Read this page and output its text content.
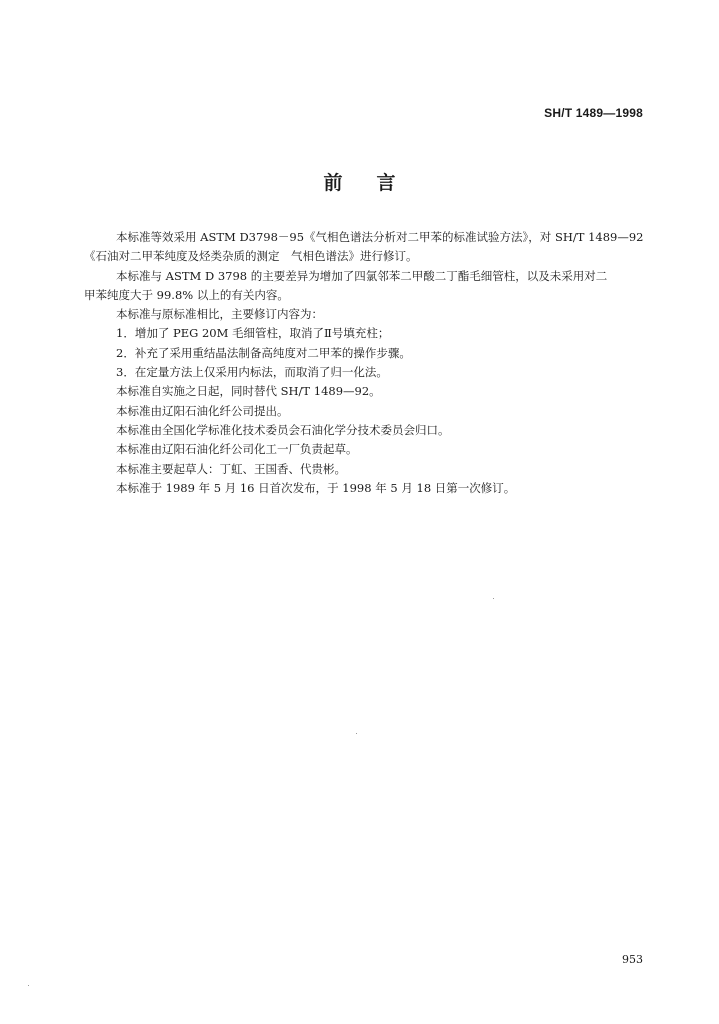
SH/T 1489—1998
前 言

本标准等效采用 ASTM D3798－95《气相色谱法分析对二甲苯的标准试验方法》，对 SH/T 1489—92

《石油对二甲苯纯度及烃类杂质的测定　气相色谱法》进行修订。

本标准与 ASTM D 3798 的主要差异为增加了四氯邻苯二甲酸二丁酯毛细管柱，以及未采用对二

甲苯纯度大于 99.8% 以上的有关内容。

本标准与原标准相比，主要修订内容为：

1．增加了 PEG 20M 毛细管柱，取消了Ⅱ号填充柱；

2．补充了采用重结晶法制备高纯度对二甲苯的操作步骤。

3．在定量方法上仅采用内标法，而取消了归一化法。

本标准自实施之日起，同时替代 SH/T 1489—92。

本标准由辽阳石油化纤公司提出。

本标准由全国化学标准化技术委员会石油化学分技术委员会归口。

本标准由辽阳石油化纤公司化工一厂负责起草。

本标准主要起草人：丁虹、王国香、代贵彬。

本标准于 1989 年 5 月 16 日首次发布，于 1998 年 5 月 18 日第一次修订。

953
